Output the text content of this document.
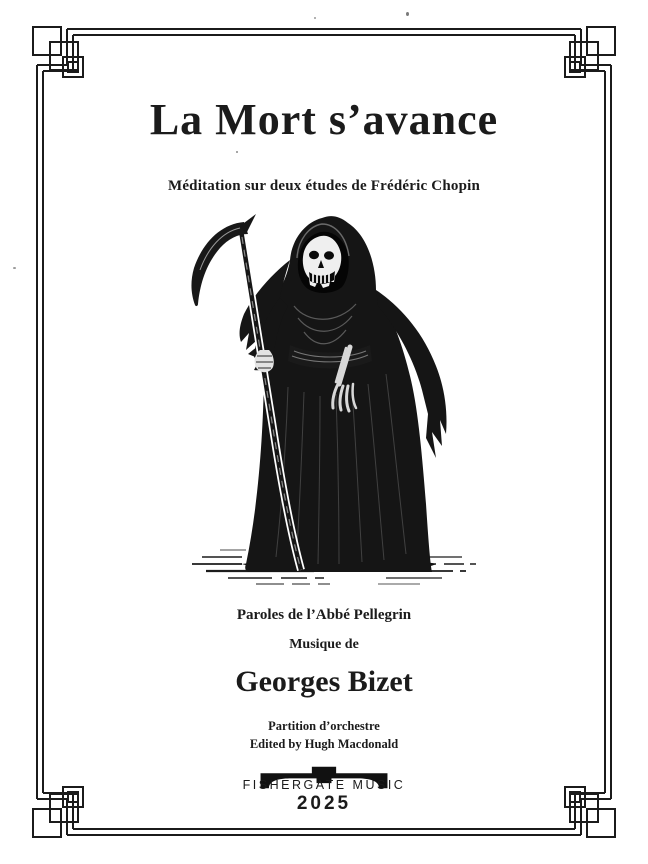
La Mort s’avance
Méditation sur deux études de Frédéric Chopin
Paroles de l’Abbé Pellegrin
Musique de
Georges Bizet
Partition d’orchestre
Edited by Hugh Macdonald
FISHERGATE MUSIC
2025
